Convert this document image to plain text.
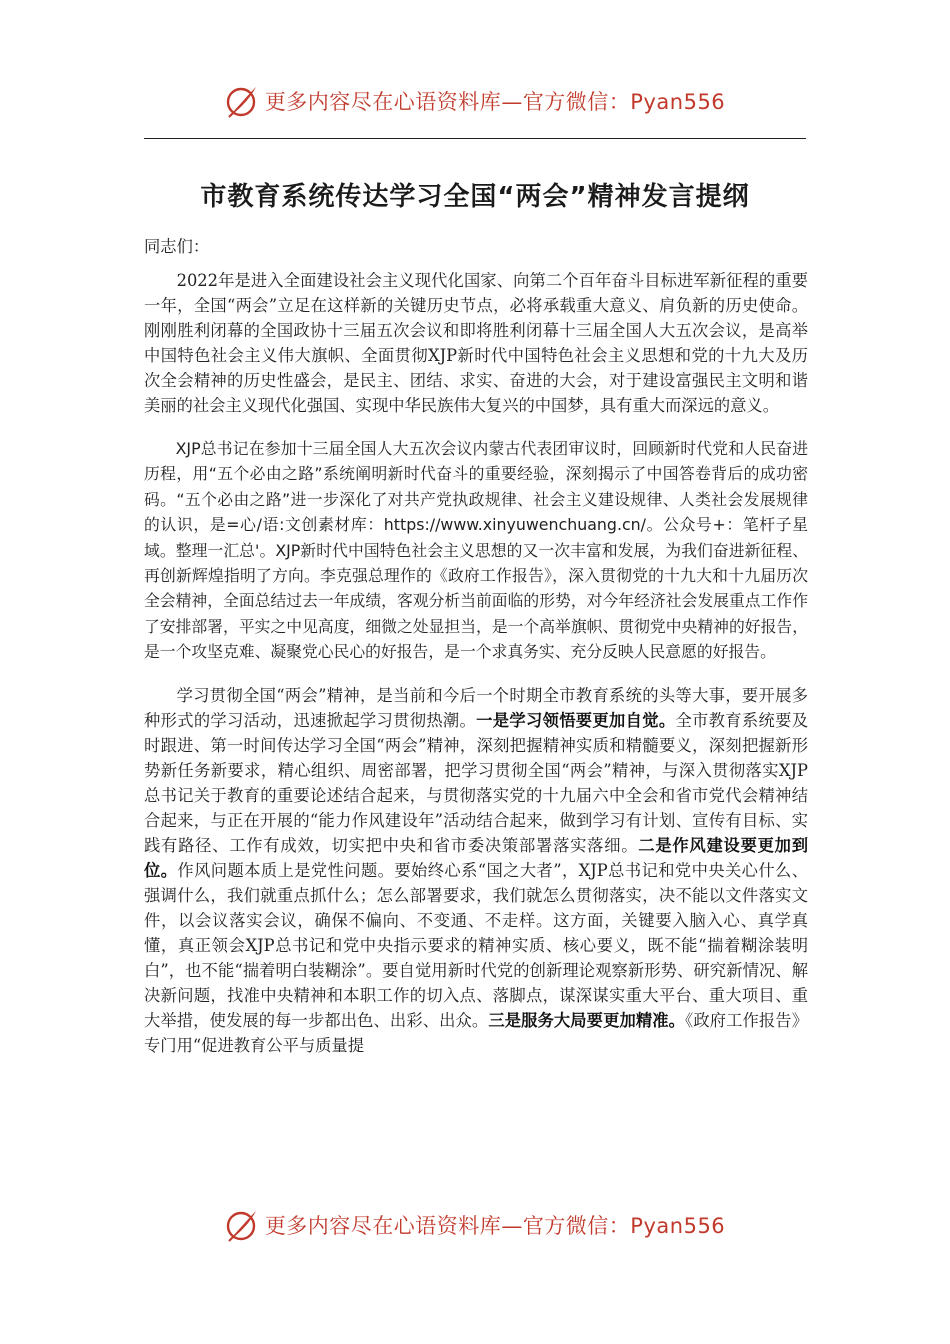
更多内容尽在心语资料库—官方微信：Pyan556
市教育系统传达学习全国“两会”精神发言提纲

同志们：

2022年是进入全面建设社会主义现代化国家、向第二个百年奋斗目标进军新征程的重要一年，全国“两会”立足在这样新的关键历史节点，必将承载重大意义、肩负新的历史使命。刚刚胜利闭幕的全国政协十三届五次会议和即将胜利闭幕十三届全国人大五次会议，是高举中国特色社会主义伟大旗帜、全面贯彻XJP新时代中国特色社会主义思想和党的十九大及历次全会精神的历史性盛会，是民主、团结、求实、奋进的大会，对于建设富强民主文明和谐美丽的社会主义现代化强国、实现中华民族伟大复兴的中国梦，具有重大而深远的意义。

XJP总书记在参加十三届全国人大五次会议内蒙古代表团审议时，回顾新时代党和人民奋进历程，用“五个必由之路”系统阐明新时代奋斗的重要经验，深刻揭示了中国答卷背后的成功密码。“五个必由之路”进一步深化了对共产党执政规律、社会主义建设规律、人类社会发展规律的认识，是=心/语:文创素材库：https://www.xinyuwenchuang.cn/。公众号+：笔杆子星域。整理一汇总'。XJP新时代中国特色社会主义思想的又一次丰富和发展，为我们奋进新征程、再创新辉煌指明了方向。李克强总理作的《政府工作报告》，深入贯彻党的十九大和十九届历次全会精神，全面总结过去一年成绩，客观分析当前面临的形势，对今年经济社会发展重点工作作了安排部署，平实之中见高度，细微之处显担当，是一个高举旗帜、贯彻党中央精神的好报告，是一个攻坚克难、凝聚党心民心的好报告，是一个求真务实、充分反映人民意愿的好报告。

学习贯彻全国“两会”精神，是当前和今后一个时期全市教育系统的头等大事，要开展多种形式的学习活动，迅速掀起学习贯彻热潮。一是学习领悟要更加自觉。全市教育系统要及时跟进、第一时间传达学习全国“两会”精神，深刻把握精神实质和精髓要义，深刻把握新形势新任务新要求，精心组织、周密部署，把学习贯彻全国“两会”精神，与深入贯彻落实XJP总书记关于教育的重要论述结合起来，与贯彻落实党的十九届六中全会和省市党代会精神结合起来，与正在开展的“能力作风建设年”活动结合起来，做到学习有计划、宣传有目标、实践有路径、工作有成效，切实把中央和省市委决策部署落实落细。二是作风建设要更加到位。作风问题本质上是党性问题。要始终心系“国之大者”，XJP总书记和党中央关心什么、强调什么，我们就重点抓什么；怎么部署要求，我们就怎么贯彻落实，决不能以文件落实文件，以会议落实会议，确保不偏向、不变通、不走样。这方面，关键要入脑入心、真学真懂，真正领会XJP总书记和党中央指示要求的精神实质、核心要义，既不能“揣着糊涂装明白”，也不能“揣着明白装糊涂”。要自觉用新时代党的创新理论观察新形势、研究新情况、解决新问题，找准中央精神和本职工作的切入点、落脚点，谋深谋实重大平台、重大项目、重大举措，使发展的每一步都出色、出彩、出众。三是服务大局要更加精准。《政府工作报告》专门用“促进教育公平与质量提

更多内容尽在心语资料库—官方微信：Pyan556
